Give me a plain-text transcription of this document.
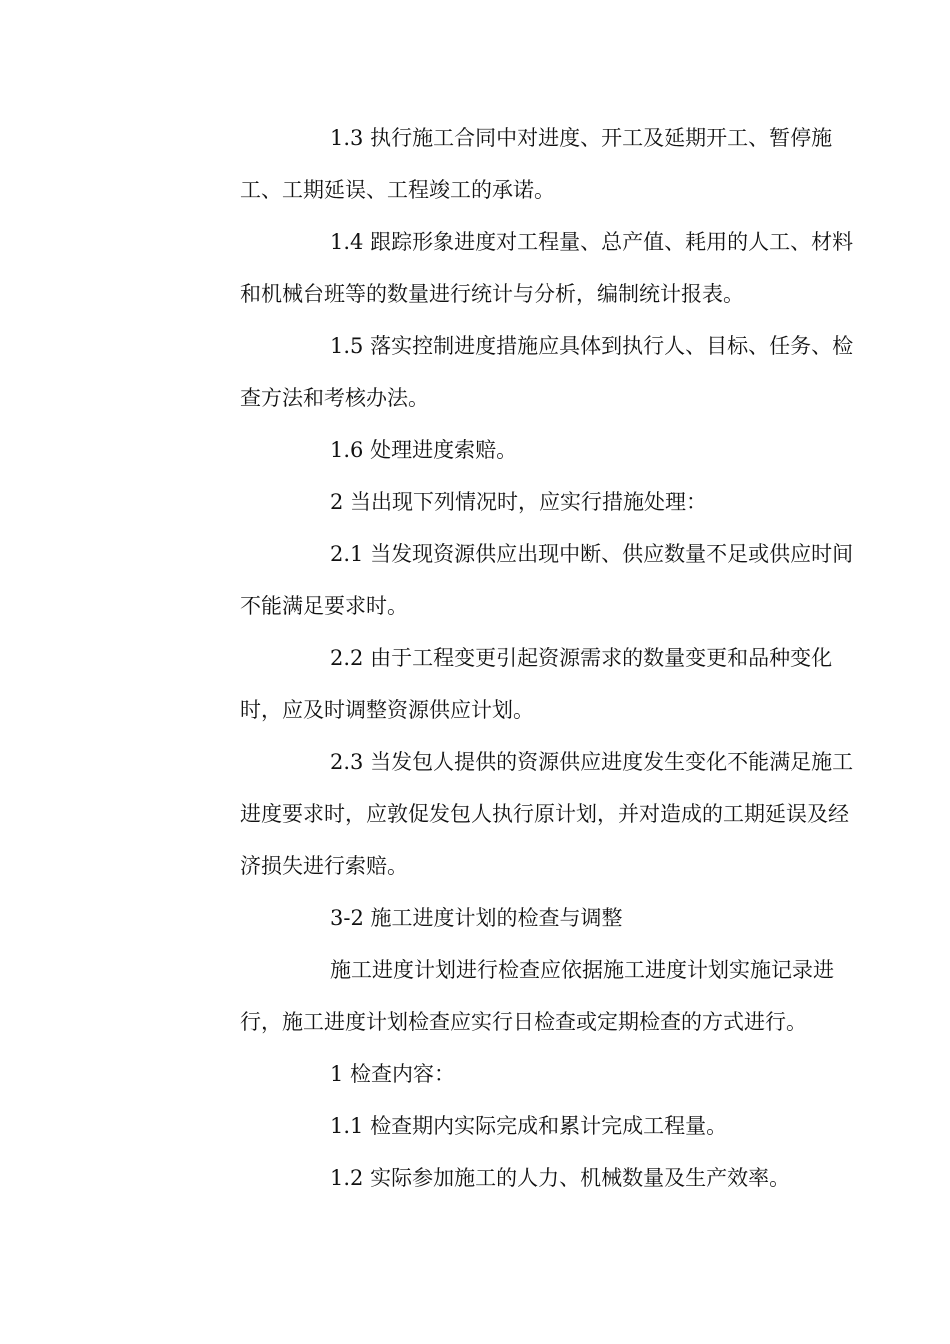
1.3 执行施工合同中对进度、开工及延期开工、暂停施
工、工期延误、工程竣工的承诺。

1.4 跟踪形象进度对工程量、总产值、耗用的人工、材料
和机械台班等的数量进行统计与分析，编制统计报表。

1.5 落实控制进度措施应具体到执行人、目标、任务、检
查方法和考核办法。

1.6 处理进度索赔。

2 当出现下列情况时，应实行措施处理：

2.1 当发现资源供应出现中断、供应数量不足或供应时间
不能满足要求时。

2.2 由于工程变更引起资源需求的数量变更和品种变化
时，应及时调整资源供应计划。

2.3 当发包人提供的资源供应进度发生变化不能满足施工
进度要求时，应敦促发包人执行原计划，并对造成的工期延误及经
济损失进行索赔。

3-2 施工进度计划的检查与调整

施工进度计划进行检查应依据施工进度计划实施记录进
行，施工进度计划检查应实行日检查或定期检查的方式进行。

1 检查内容：

1.1 检查期内实际完成和累计完成工程量。

1.2 实际参加施工的人力、机械数量及生产效率。
